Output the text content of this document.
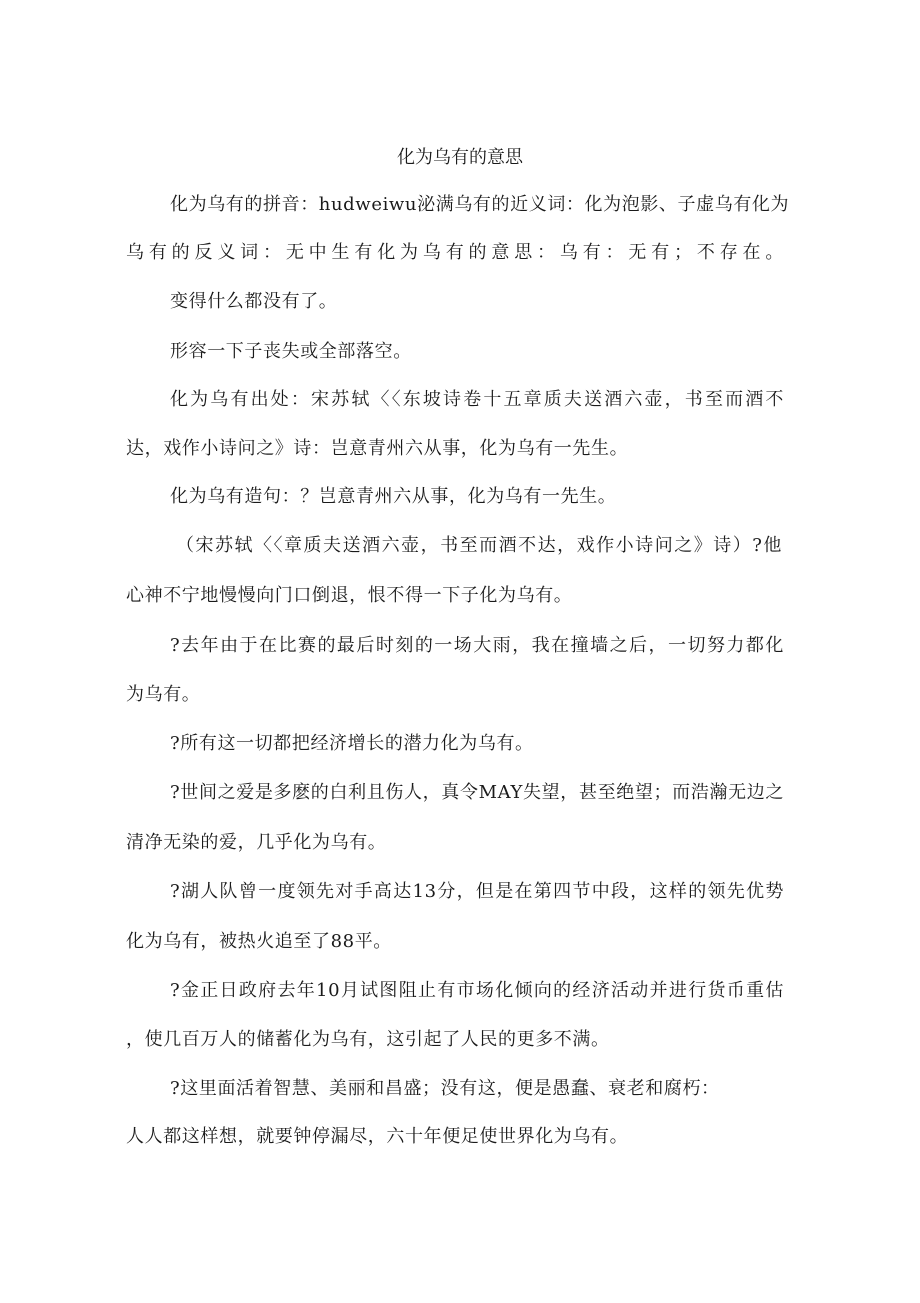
化为乌有的意思
化为乌有的拼音：hudweiwu泌满乌有的近义词：化为泡影、子虚乌有化为
乌有的反义词：无中生有化为乌有的意思：乌有：无有；不存在。
变得什么都没有了。
形容一下子丧失或全部落空。
化为乌有出处：宋苏轼〈〈东坡诗卷十五章质夫送酒六壶，书至而酒不
达，戏作小诗问之》诗：岂意青州六从事，化为乌有一先生。
化为乌有造句：？岂意青州六从事，化为乌有一先生。
（宋苏轼〈〈章质夫送酒六壶，书至而酒不达，戏作小诗问之》诗）?他
心神不宁地慢慢向门口倒退，恨不得一下子化为乌有。
?去年由于在比赛的最后时刻的一场大雨，我在撞墙之后，一切努力都化
为乌有。
?所有这一切都把经济增长的潜力化为乌有。
?世间之爱是多麽的白利且伤人，真令MAY失望，甚至绝望；而浩瀚无边之
清净无染的爱，几乎化为乌有。
?湖人队曾一度领先对手高达13分，但是在第四节中段，这样的领先优势
化为乌有，被热火追至了88平。
?金正日政府去年10月试图阻止有市场化倾向的经济活动并进行货币重估
，使几百万人的储蓄化为乌有，这引起了人民的更多不满。
?这里面活着智慧、美丽和昌盛；没有这，便是愚蠢、衰老和腐朽：
人人都这样想，就要钟停漏尽，六十年便足使世界化为乌有。
